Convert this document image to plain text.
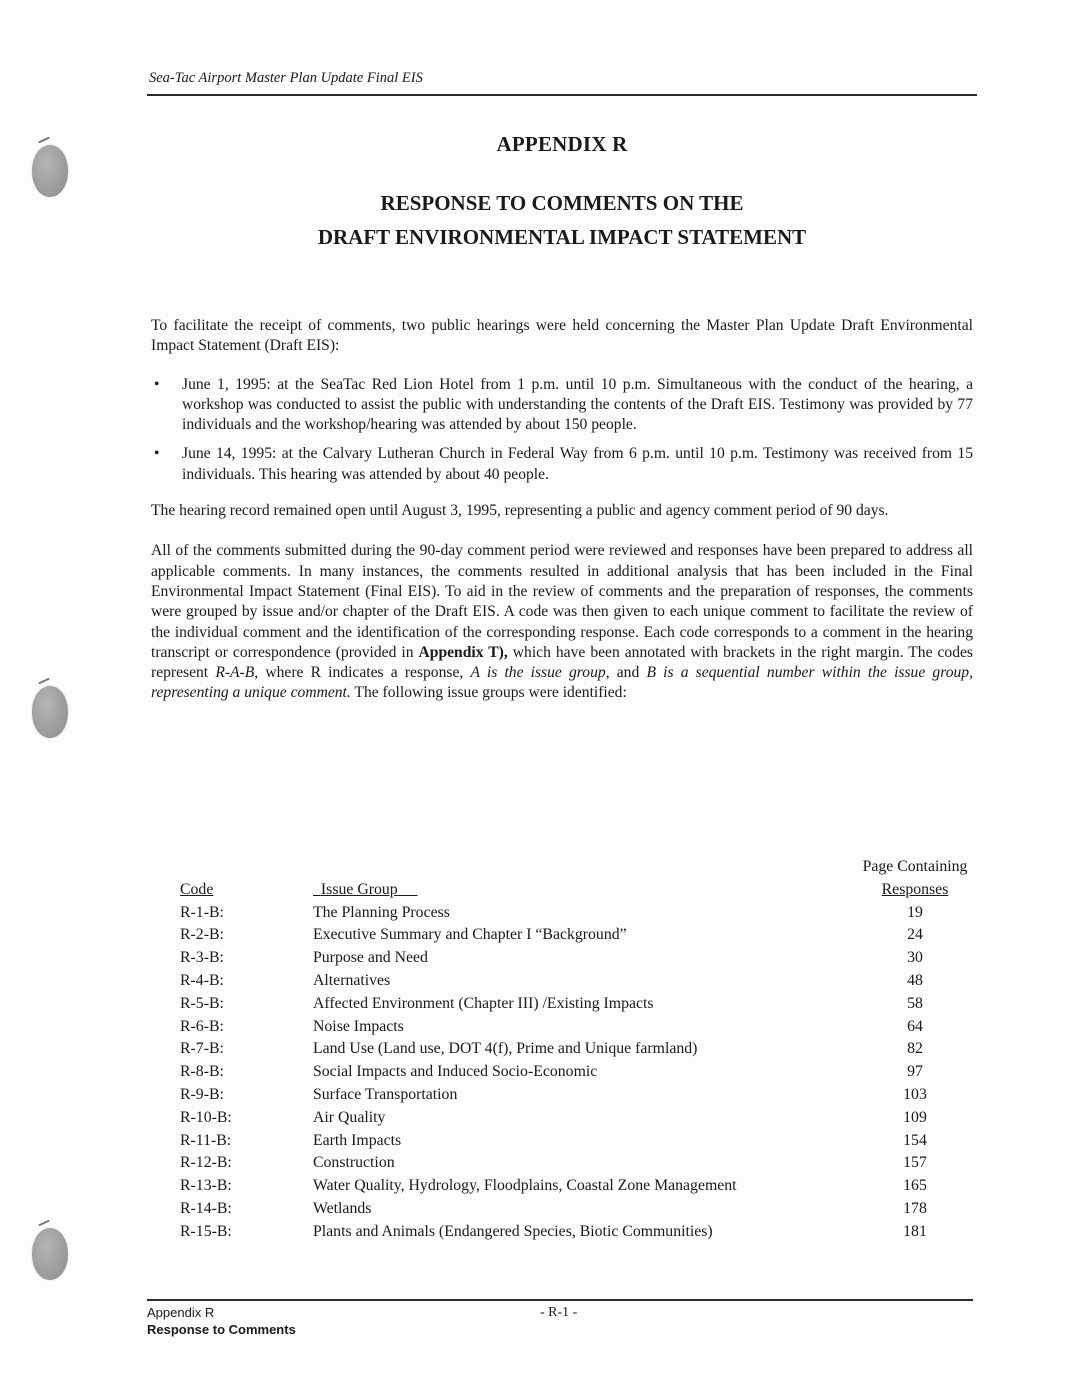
Sea-Tac Airport Master Plan Update Final EIS
APPENDIX R
RESPONSE TO COMMENTS ON THE
DRAFT ENVIRONMENTAL IMPACT STATEMENT

To facilitate the receipt of comments, two public hearings were held concerning the Master Plan Update Draft Environmental Impact Statement (Draft EIS):

• June 1, 1995: at the SeaTac Red Lion Hotel from 1 p.m. until 10 p.m. Simultaneous with the conduct of the hearing, a workshop was conducted to assist the public with understanding the contents of the Draft EIS. Testimony was provided by 77 individuals and the workshop/hearing was attended by about 150 people.
• June 14, 1995: at the Calvary Lutheran Church in Federal Way from 6 p.m. until 10 p.m. Testimony was received from 15 individuals. This hearing was attended by about 40 people.

The hearing record remained open until August 3, 1995, representing a public and agency comment period of 90 days.

All of the comments submitted during the 90-day comment period were reviewed and responses have been prepared to address all applicable comments. In many instances, the comments resulted in additional analysis that has been included in the Final Environmental Impact Statement (Final EIS). To aid in the review of comments and the preparation of responses, the comments were grouped by issue and/or chapter of the Draft EIS. A code was then given to each unique comment to facilitate the review of the individual comment and the identification of the corresponding response. Each code corresponds to a comment in the hearing transcript or correspondence (provided in Appendix T), which have been annotated with brackets in the right margin. The codes represent R-A-B, where R indicates a response, A is the issue group, and B is a sequential number within the issue group, representing a unique comment. The following issue groups were identified:

		Page Containing
Code	Issue Group	Responses
R-1-B:	The Planning Process	19
R-2-B:	Executive Summary and Chapter I “Background”	24
R-3-B:	Purpose and Need	30
R-4-B:	Alternatives	48
R-5-B:	Affected Environment (Chapter III) /Existing Impacts	58
R-6-B:	Noise Impacts	64
R-7-B:	Land Use (Land use, DOT 4(f), Prime and Unique farmland)	82
R-8-B:	Social Impacts and Induced Socio-Economic	97
R-9-B:	Surface Transportation	103
R-10-B:	Air Quality	109
R-11-B:	Earth Impacts	154
R-12-B:	Construction	157
R-13-B:	Water Quality, Hydrology, Floodplains, Coastal Zone Management	165
R-14-B:	Wetlands	178
R-15-B:	Plants and Animals (Endangered Species, Biotic Communities)	181
Appendix R
Response to Comments
- R-1 -
